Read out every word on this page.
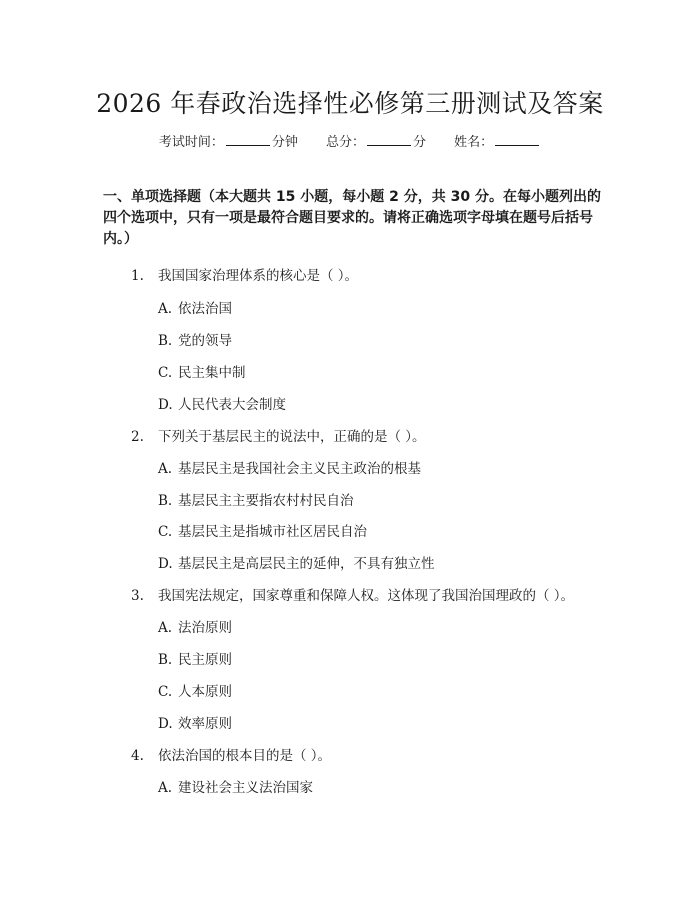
2026 年春政治选择性必修第三册测试及答案
考试时间：	分钟 总分：	分 姓名：
一、单项选择题（本大题共 15 小题，每小题 2 分，共 30 分。在每小题列出的四个选项中，只有一项是最符合题目要求的。请将正确选项字母填在题号后括号内。）
1. 我国国家治理体系的核心是（ ）。
A. 依法治国
B. 党的领导
C. 民主集中制
D. 人民代表大会制度
2. 下列关于基层民主的说法中，正确的是（ ）。
A. 基层民主是我国社会主义民主政治的根基
B. 基层民主主要指农村村民自治
C. 基层民主是指城市社区居民自治
D. 基层民主是高层民主的延伸，不具有独立性
3. 我国宪法规定，国家尊重和保障人权。这体现了我国治国理政的（ ）。
A. 法治原则
B. 民主原则
C. 人本原则
D. 效率原则
4. 依法治国的根本目的是（ ）。
A. 建设社会主义法治国家
